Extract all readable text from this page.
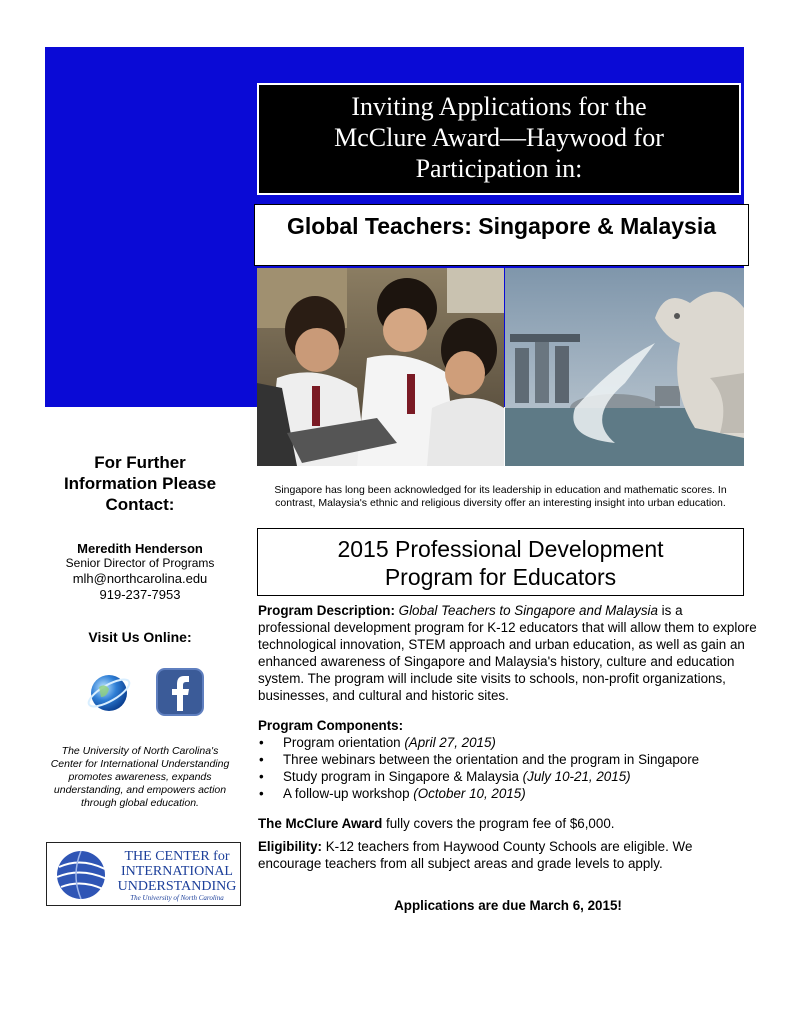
Inviting Applications for the
McClure Award—Haywood for
Participation in:
Global Teachers: Singapore & Malaysia
Singapore has long been acknowledged for its leadership in education and mathematic scores. In contrast, Malaysia's ethnic and religious diversity offer an interesting insight into urban education.
2015 Professional Development
Program for Educators
For Further
Information Please
Contact:
Meredith Henderson
Senior Director of Programs
mlh@northcarolina.edu
919-237-7953
Visit Us Online:
The University of North Carolina's
Center for International Understanding
promotes awareness, expands
understanding, and empowers action
through global education.
THE CENTER for
INTERNATIONAL
UNDERSTANDING
The University of North Carolina

Program Description: Global Teachers to Singapore and Malaysia is a professional development program for K-12 educators that will allow them to explore technological innovation, STEM approach and urban education, as well as gain an enhanced awareness of Singapore and Malaysia's history, culture and education system. The program will include site visits to schools, non-profit organizations, businesses, and cultural and historic sites.

Program Components:

• Program orientation (April 27, 2015)
• Three webinars between the orientation and the program in Singapore
• Study program in Singapore & Malaysia (July 10-21, 2015)
• A follow-up workshop (October 10, 2015)

The McClure Award fully covers the program fee of $6,000.

Eligibility: K-12 teachers from Haywood County Schools are eligible. We encourage teachers from all subject areas and grade levels to apply.

Applications are due March 6, 2015!
